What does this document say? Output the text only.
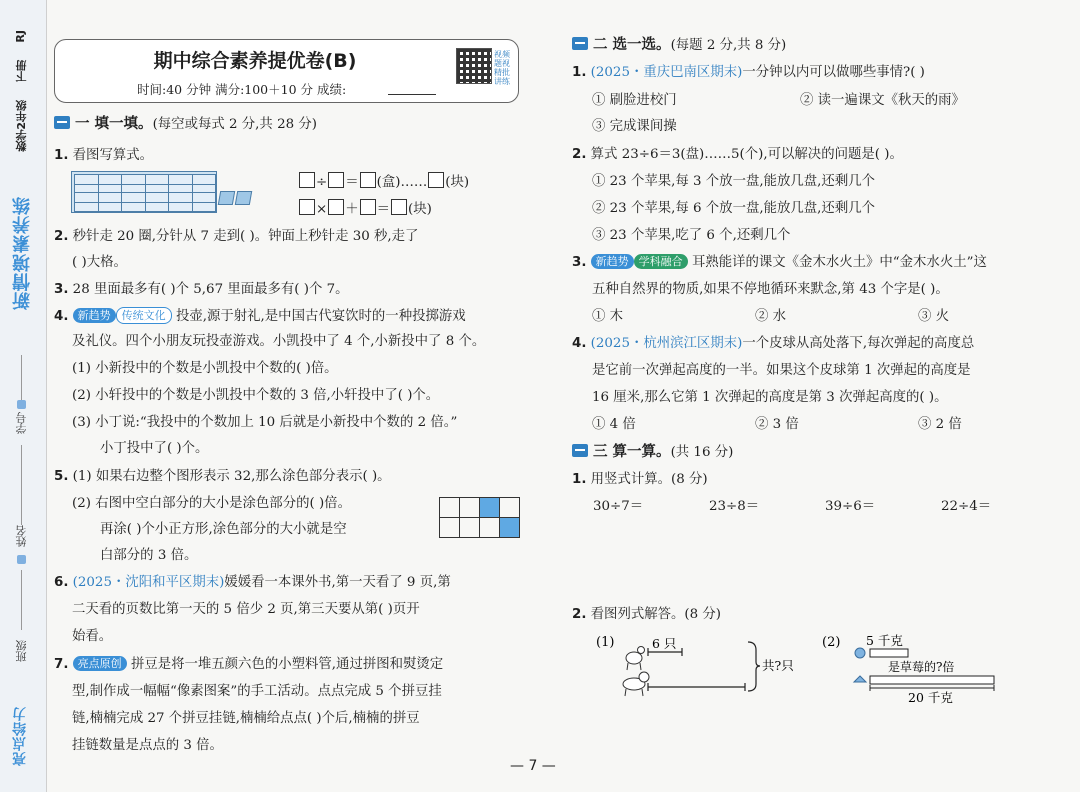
RJ
下册
数学2年级
新情境素养练
学号
姓名
班级
亮点给力
期中综合素养提优卷(B)
时间:40 分钟 满分:100＋10 分 成绩:
视频 题视 精批 讲练
一 填一填。(每空或每式 2 分,共 28 分)
1. 看图写算式。
÷ ＝ (盒)…… (块)
× ＋ ＝ (块)
2. 秒针走 20 圈,分针从 7 走到( )。钟面上秒针走 30 秒,走了
( )大格。
3. 28 里面最多有( )个 5,67 里面最多有( )个 7。
4. 新趋势 传统文化 投壶,源于射礼,是中国古代宴饮时的一种投掷游戏
及礼仪。四个小朋友玩投壶游戏。小凯投中了 4 个,小新投中了 8 个。
(1) 小新投中的个数是小凯投中个数的( )倍。
(2) 小轩投中的个数是小凯投中个数的 3 倍,小轩投中了( )个。
(3) 小丁说:“我投中的个数加上 10 后就是小新投中个数的 2 倍。”
小丁投中了( )个。
5. (1) 如果右边整个图形表示 32,那么涂色部分表示( )。
(2) 右图中空白部分的大小是涂色部分的( )倍。
再涂( )个小正方形,涂色部分的大小就是空
白部分的 3 倍。
6. (2025・沈阳和平区期末)媛媛看一本课外书,第一天看了 9 页,第
二天看的页数比第一天的 5 倍少 2 页,第三天要从第( )页开
始看。
7. 亮点原创 拼豆是将一堆五颜六色的小塑料管,通过拼图和熨烫定
型,制作成一幅幅“像素图案”的手工活动。点点完成 5 个拼豆挂
链,楠楠完成 27 个拼豆挂链,楠楠给点点( )个后,楠楠的拼豆
挂链数量是点点的 3 倍。
二 选一选。(每题 2 分,共 8 分)
1. (2025・重庆巴南区期末)一分钟以内可以做哪些事情?( )
① 刷脸进校门	② 读一遍课文《秋天的雨》
③ 完成课间操
2. 算式 23÷6＝3(盘)……5(个),可以解决的问题是( )。
① 23 个苹果,每 3 个放一盘,能放几盘,还剩几个
② 23 个苹果,每 6 个放一盘,能放几盘,还剩几个
③ 23 个苹果,吃了 6 个,还剩几个
3. 新趋势 学科融合 耳熟能详的课文《金木水火土》中“金木水火土”这
五种自然界的物质,如果不停地循环来默念,第 43 个字是( )。
① 木	② 水	③ 火
4. (2025・杭州滨江区期末)一个皮球从高处落下,每次弹起的高度总
是它前一次弹起高度的一半。如果这个皮球第 1 次弹起的高度是
16 厘米,那么它第 1 次弹起的高度是第 3 次弹起高度的( )。
① 4 倍	② 3 倍	③ 2 倍
三 算一算。(共 16 分)
1. 用竖式计算。(8 分)
30÷7＝	23÷8＝	39÷6＝	22÷4＝
2. 看图列式解答。(8 分)
(1)	6 只
共?只
(2) 5 千克
是草莓的?倍
20 千克
— 7 —
